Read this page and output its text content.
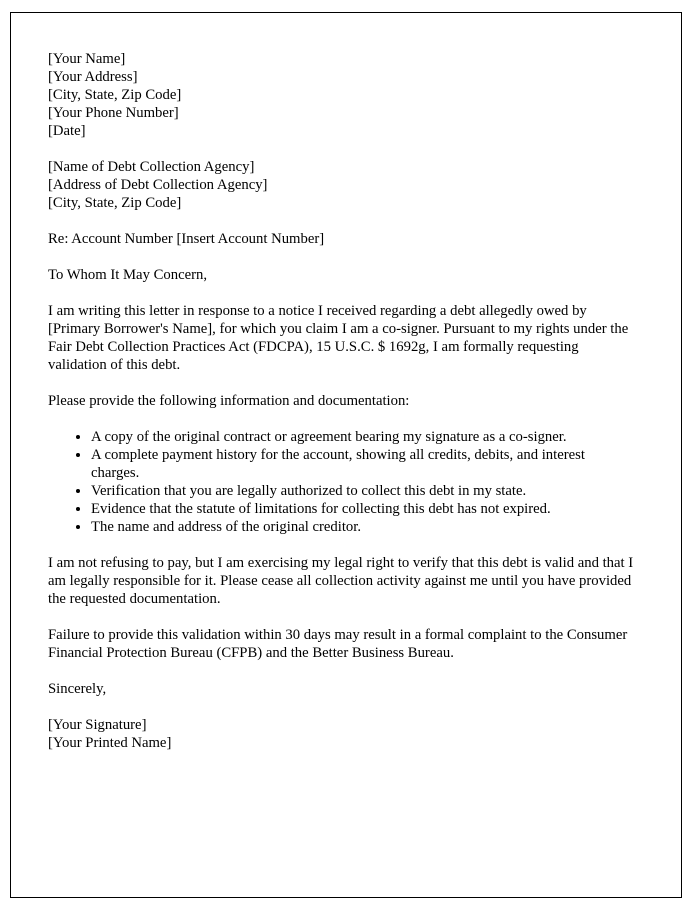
[Your Name]
[Your Address]
[City, State, Zip Code]
[Your Phone Number]
[Date]
[Name of Debt Collection Agency]
[Address of Debt Collection Agency]
[City, State, Zip Code]

Re: Account Number [Insert Account Number]

To Whom It May Concern,

I am writing this letter in response to a notice I received regarding a debt allegedly owed by [Primary Borrower's Name], for which you claim I am a co-signer. Pursuant to my rights under the Fair Debt Collection Practices Act (FDCPA), 15 U.S.C. $ 1692g, I am formally requesting validation of this debt.

Please provide the following information and documentation:

• A copy of the original contract or agreement bearing my signature as a co-signer.
• A complete payment history for the account, showing all credits, debits, and interest charges.
• Verification that you are legally authorized to collect this debt in my state.
• Evidence that the statute of limitations for collecting this debt has not expired.
• The name and address of the original creditor.

I am not refusing to pay, but I am exercising my legal right to verify that this debt is valid and that I am legally responsible for it. Please cease all collection activity against me until you have provided the requested documentation.

Failure to provide this validation within 30 days may result in a formal complaint to the Consumer Financial Protection Bureau (CFPB) and the Better Business Bureau.

Sincerely,

[Your Signature]
[Your Printed Name]
